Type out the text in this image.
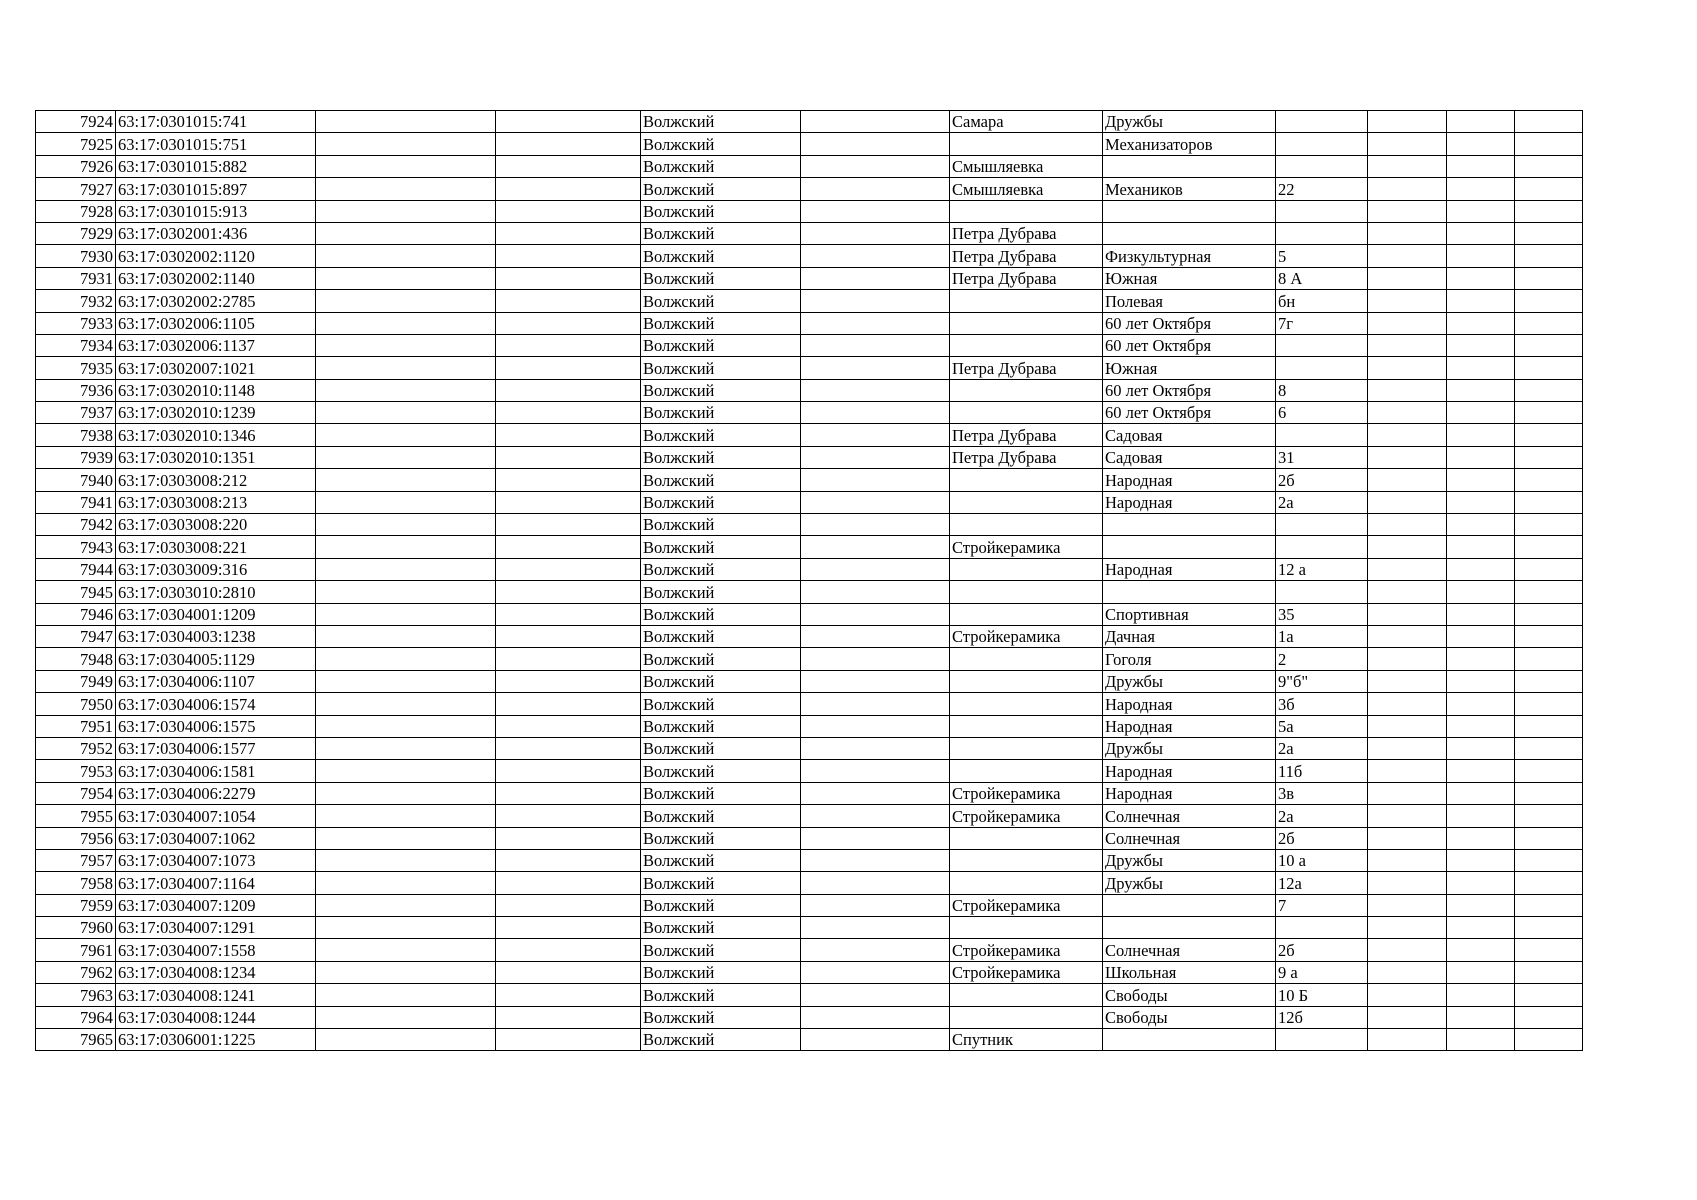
7924	63:17:0301015:741			Волжский		Самара	Дружбы				
7925	63:17:0301015:751			Волжский			Механизаторов				
7926	63:17:0301015:882			Волжский		Смышляевка					
7927	63:17:0301015:897			Волжский		Смышляевка	Механиков	22			
7928	63:17:0301015:913			Волжский							
7929	63:17:0302001:436			Волжский		Петра Дубрава					
7930	63:17:0302002:1120			Волжский		Петра Дубрава	Физкультурная	5			
7931	63:17:0302002:1140			Волжский		Петра Дубрава	Южная	8 А			
7932	63:17:0302002:2785			Волжский			Полевая	бн			
7933	63:17:0302006:1105			Волжский			60 лет Октября	7г			
7934	63:17:0302006:1137			Волжский			60 лет Октября				
7935	63:17:0302007:1021			Волжский		Петра Дубрава	Южная				
7936	63:17:0302010:1148			Волжский			60 лет Октября	8			
7937	63:17:0302010:1239			Волжский			60 лет Октября	6			
7938	63:17:0302010:1346			Волжский		Петра Дубрава	Садовая				
7939	63:17:0302010:1351			Волжский		Петра Дубрава	Садовая	31			
7940	63:17:0303008:212			Волжский			Народная	2б			
7941	63:17:0303008:213			Волжский			Народная	2а			
7942	63:17:0303008:220			Волжский							
7943	63:17:0303008:221			Волжский		Стройкерамика					
7944	63:17:0303009:316			Волжский			Народная	12 а			
7945	63:17:0303010:2810			Волжский							
7946	63:17:0304001:1209			Волжский			Спортивная	35			
7947	63:17:0304003:1238			Волжский		Стройкерамика	Дачная	1а			
7948	63:17:0304005:1129			Волжский			Гоголя	2			
7949	63:17:0304006:1107			Волжский			Дружбы	9"б"			
7950	63:17:0304006:1574			Волжский			Народная	3б			
7951	63:17:0304006:1575			Волжский			Народная	5а			
7952	63:17:0304006:1577			Волжский			Дружбы	2а			
7953	63:17:0304006:1581			Волжский			Народная	11б			
7954	63:17:0304006:2279			Волжский		Стройкерамика	Народная	3в			
7955	63:17:0304007:1054			Волжский		Стройкерамика	Солнечная	2а			
7956	63:17:0304007:1062			Волжский			Солнечная	2б			
7957	63:17:0304007:1073			Волжский			Дружбы	10 а			
7958	63:17:0304007:1164			Волжский			Дружбы	12а			
7959	63:17:0304007:1209			Волжский		Стройкерамика		7			
7960	63:17:0304007:1291			Волжский							
7961	63:17:0304007:1558			Волжский		Стройкерамика	Солнечная	2б			
7962	63:17:0304008:1234			Волжский		Стройкерамика	Школьная	9 а			
7963	63:17:0304008:1241			Волжский			Свободы	10 Б			
7964	63:17:0304008:1244			Волжский			Свободы	12б			
7965	63:17:0306001:1225			Волжский		Спутник					
